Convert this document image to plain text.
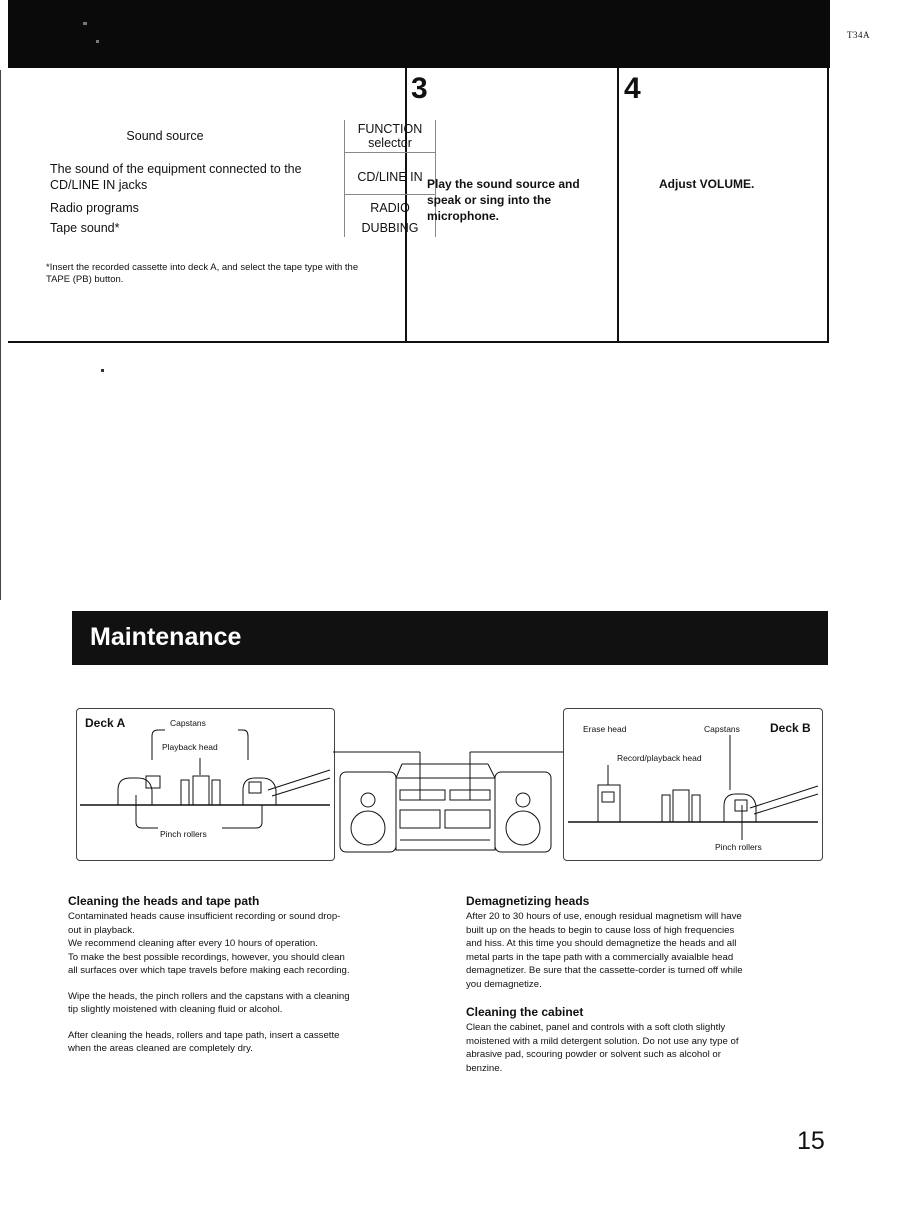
T34A
Sound source	FUNCTION
selector

The sound of the equipment connected to the CD/LINE IN jacks	CD/LINE IN
Radio programs	RADIO
Tape sound*	DUBBING
*Insert the recorded cassette into deck A, and select the tape type with the TAPE (PB) button.
3
Play the sound source and speak or sing into the microphone.
4
Adjust VOLUME.
Maintenance
Deck A	Capstans
Playback head
Pinch rollers
Erase head	Capstans	Deck B
Record/playback head
Pinch rollers
Cleaning the heads and tape path
Contaminated heads cause insufficient recording or sound drop-
out in playback.
We recommend cleaning after every 10 hours of operation.
To make the best possible recordings, however, you should clean
all surfaces over which tape travels before making each recording.
Wipe the heads, the pinch rollers and the capstans with a cleaning
tip slightly moistened with cleaning fluid or alcohol.
After cleaning the heads, rollers and tape path, insert a cassette
when the areas cleaned are completely dry.
Demagnetizing heads
After 20 to 30 hours of use, enough residual magnetism will have
built up on the heads to begin to cause loss of high frequencies
and hiss. At this time you should demagnetize the heads and all
metal parts in the tape path with a commercially avaialble head
demagnetizer. Be sure that the cassette-corder is turned off while
you demagnetize.
Cleaning the cabinet
Clean the cabinet, panel and controls with a soft cloth slightly
moistened with a mild detergent solution. Do not use any type of
abrasive pad, scouring powder or solvent such as alcohol or
benzine.
15
